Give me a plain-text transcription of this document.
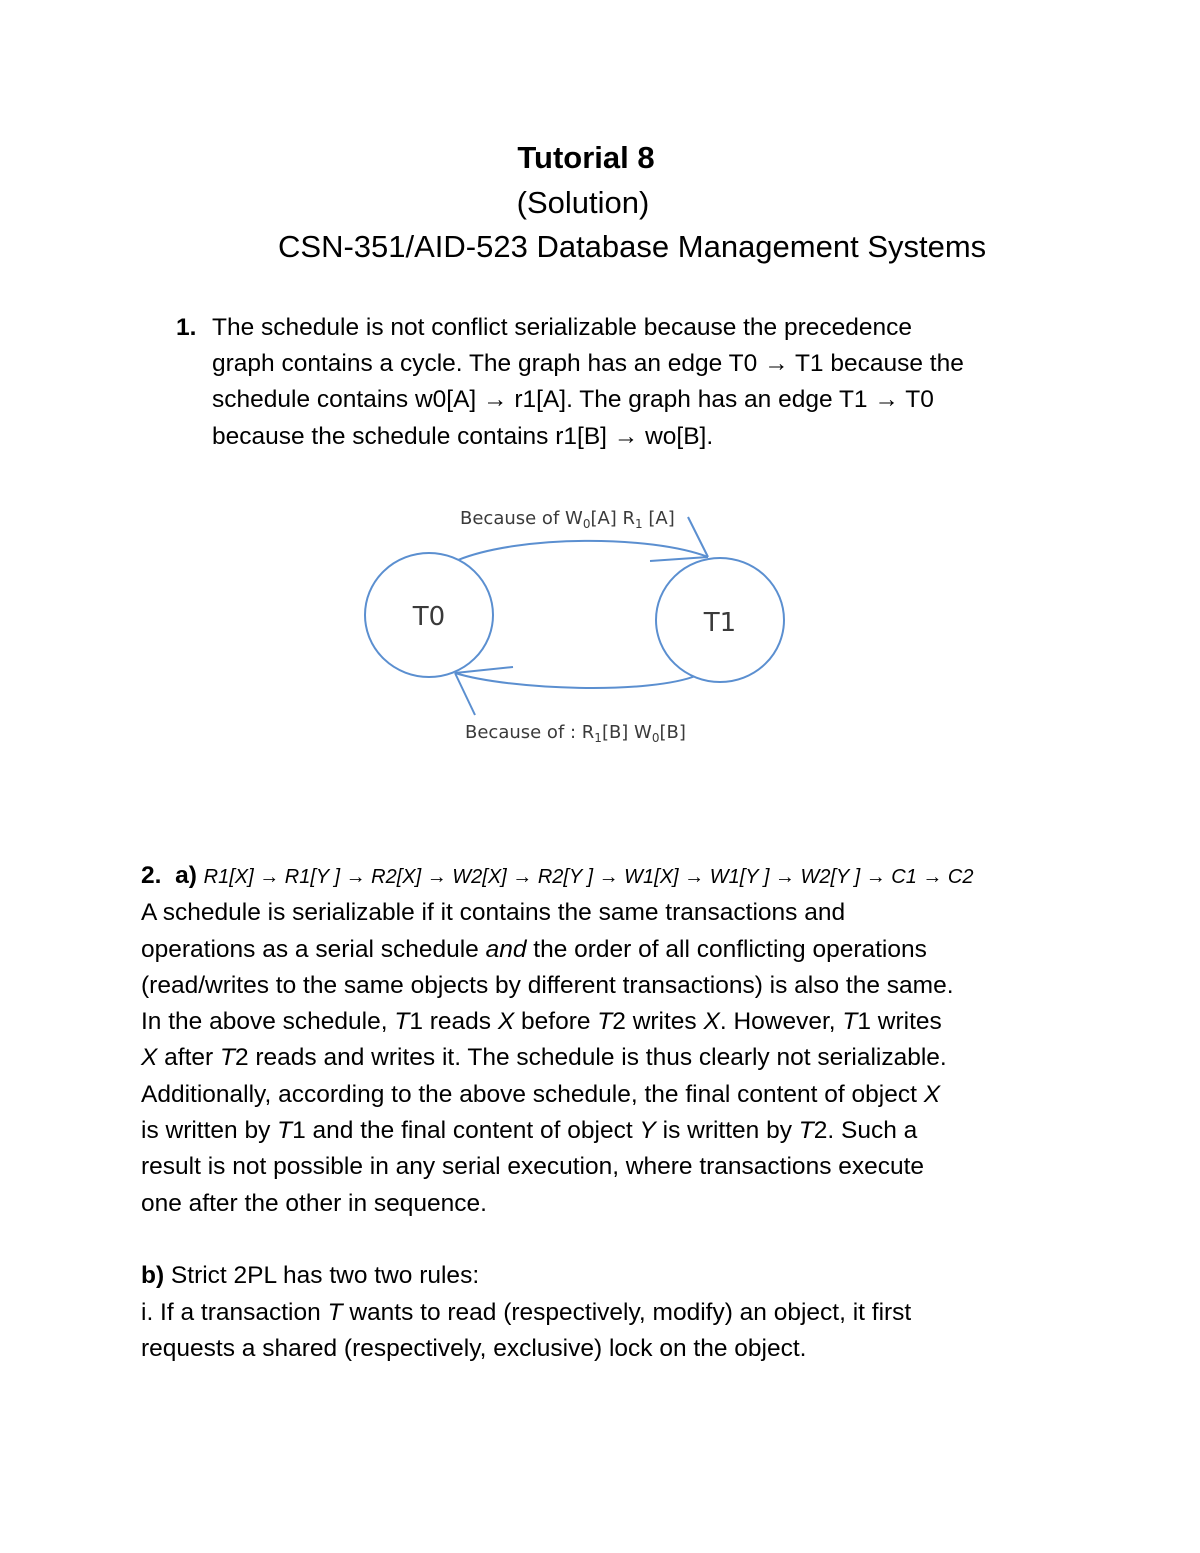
Tutorial 8
(Solution)
CSN-351/AID-523 Database Management Systems
1. The schedule is not conflict serializable because the precedence
graph contains a cycle. The graph has an edge T0 → T1 because the
schedule contains w0[A] → r1[A]. The graph has an edge T1 → T0
because the schedule contains r1[B] → wo[B].
T0	T1
Because of $W_0[A]$ $R_1$ [A]
Because of : $R_1[B]$ $W_0[B]$
2. a) R1[X] → R1[Y ] → R2[X] → W2[X] → R2[Y ] → W1[X] → W1[Y ] → W2[Y ] → C1 → C2
A schedule is serializable if it contains the same transactions and
operations as a serial schedule and the order of all conflicting operations
(read/writes to the same objects by different transactions) is also the same.
In the above schedule, T1 reads X before T2 writes X. However, T1 writes
X after T2 reads and writes it. The schedule is thus clearly not serializable.
Additionally, according to the above schedule, the final content of object X
is written by T1 and the final content of object Y is written by T2. Such a
result is not possible in any serial execution, where transactions execute
one after the other in sequence.
b) Strict 2PL has two two rules:
i. If a transaction T wants to read (respectively, modify) an object, it first
requests a shared (respectively, exclusive) lock on the object.
